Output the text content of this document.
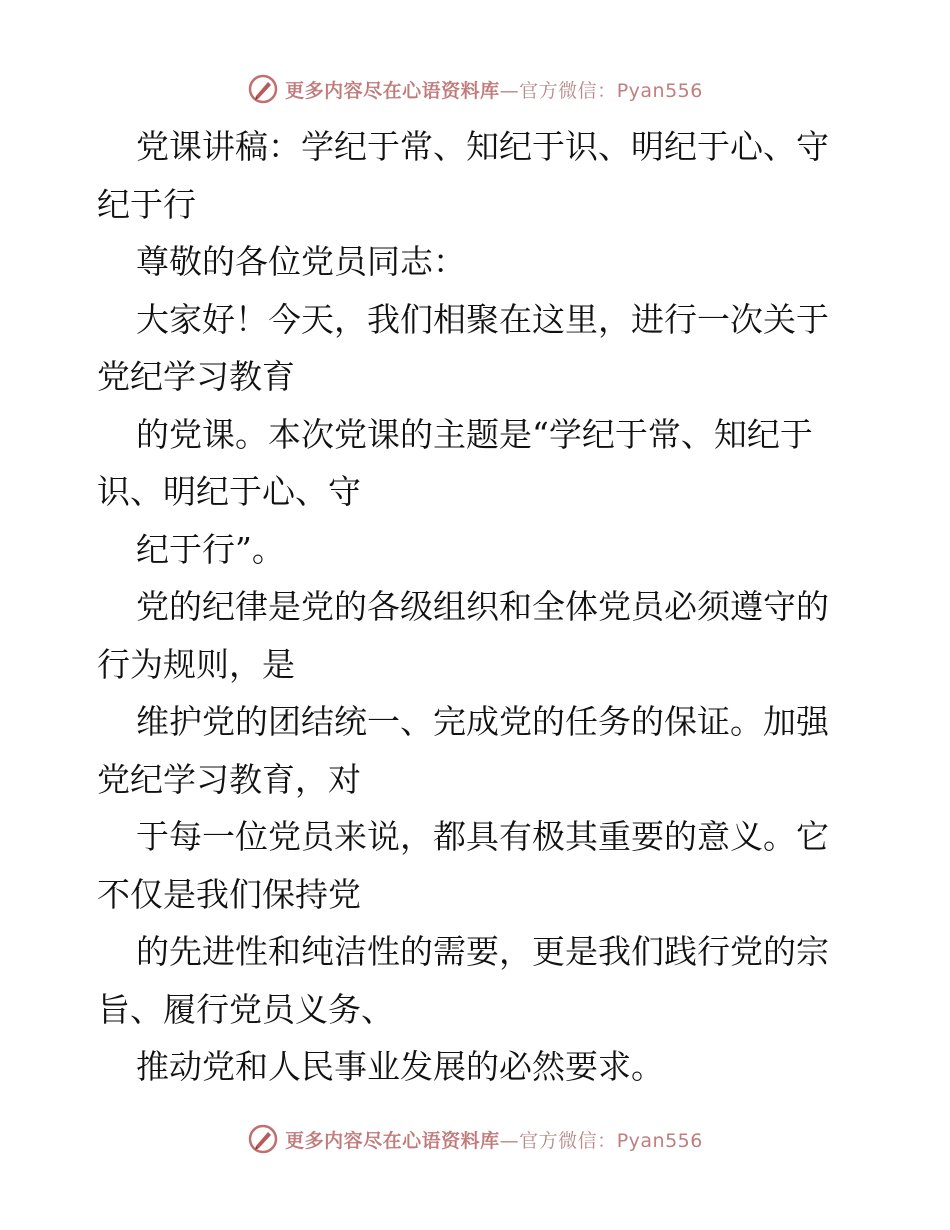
更多内容尽在心语资料库—官方微信：Pyan556
党课讲稿：学纪于常、知纪于识、明纪于心、守
纪于行
尊敬的各位党员同志：
大家好！今天，我们相聚在这里，进行一次关于
党纪学习教育
的党课。本次党课的主题是“学纪于常、知纪于
识、明纪于心、守
纪于行”。
党的纪律是党的各级组织和全体党员必须遵守的
行为规则，是
维护党的团结统一、完成党的任务的保证。加强
党纪学习教育，对
于每一位党员来说，都具有极其重要的意义。它
不仅是我们保持党
的先进性和纯洁性的需要，更是我们践行党的宗
旨、履行党员义务、
推动党和人民事业发展的必然要求。
更多内容尽在心语资料库—官方微信：Pyan556
